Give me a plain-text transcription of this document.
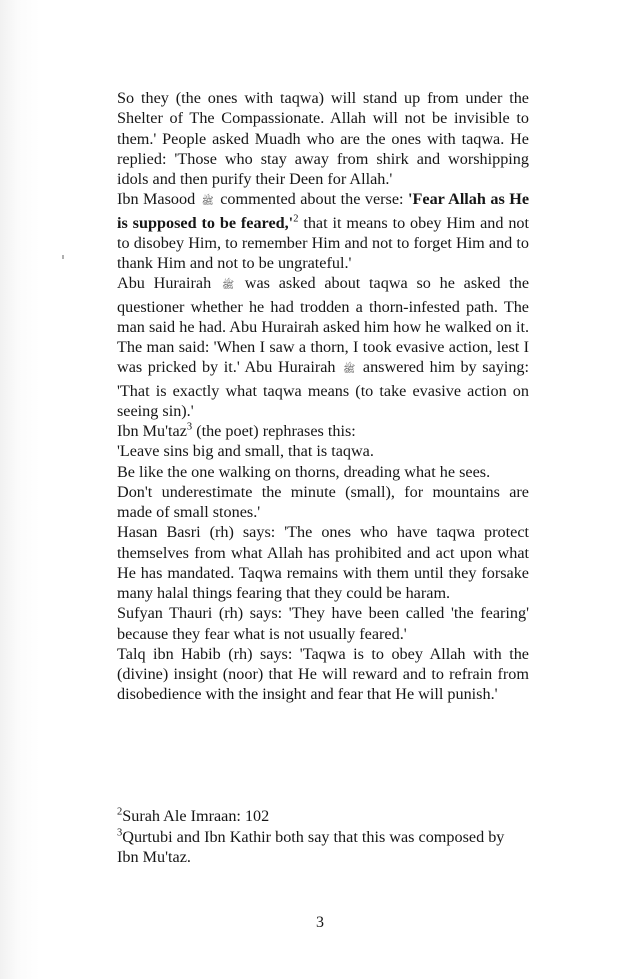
So they (the ones with taqwa) will stand up from under the Shelter of The Compassionate. Allah will not be invisible to them.' People asked Muadh who are the ones with taqwa. He replied: 'Those who stay away from shirk and worshipping idols and then purify their Deen for Allah.'

Ibn Masood ﷺ commented about the verse: 'Fear Allah as He is supposed to be $feared,'^2$ that it means to obey Him and not to disobey Him, to remember Him and not to forget Him and to thank Him and not to be ungrateful.'

Abu Hurairah ﷺ was asked about taqwa so he asked the questioner whether he had trodden a thorn-infested path. The man said he had. Abu Hurairah asked him how he walked on it. The man said: 'When I saw a thorn, I took evasive action, lest I was pricked by it.' Abu Hurairah ﷺ answered him by saying: 'That is exactly what taqwa means (to take evasive action on seeing sin).'

Ibn Mu'taz$^3$ (the poet) rephrases this:

'Leave sins big and small, that is taqwa.

Be like the one walking on thorns, dreading what he sees.

Don't underestimate the minute (small), for mountains are made of small stones.'

Hasan Basri (rh) says: 'The ones who have taqwa protect themselves from what Allah has prohibited and act upon what He has mandated. Taqwa remains with them until they forsake many halal things fearing that they could be haram.

Sufyan Thauri (rh) says: 'They have been called 'the fearing' because they fear what is not usually feared.'

Talq ibn Habib (rh) says: 'Taqwa is to obey Allah with the (divine) insight (noor) that He will reward and to refrain from disobedience with the insight and fear that He will punish.'

$^2$Surah Ale Imraan: 102

$^3$Qurtubi and Ibn Kathir both say that this was composed by Ibn Mu'taz.

3
